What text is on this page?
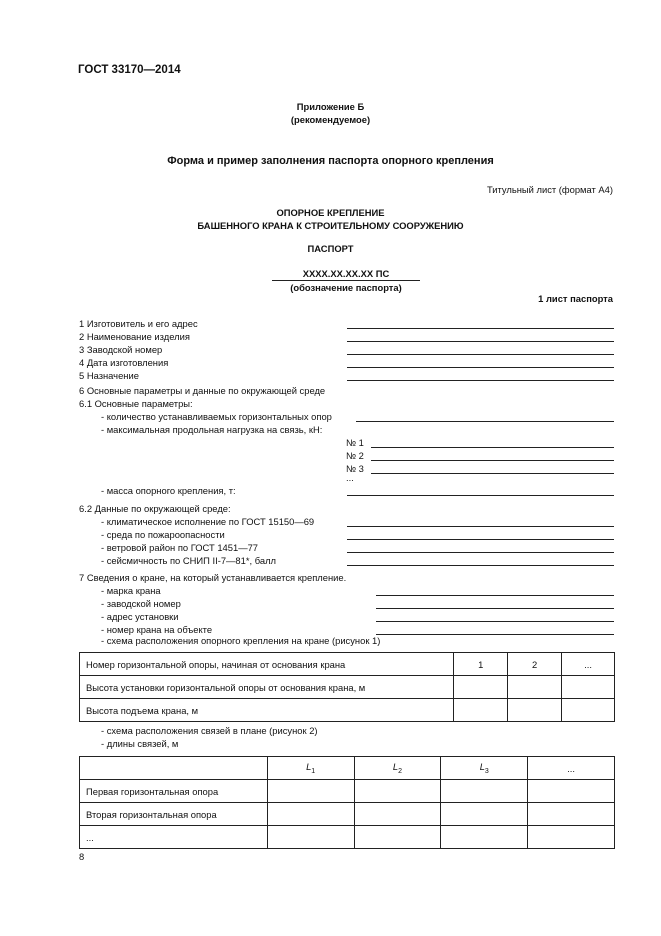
ГОСТ 33170—2014
Приложение Б
(рекомендуемое)
Форма и пример заполнения паспорта опорного крепления
Титульный лист (формат А4)
ОПОРНОЕ КРЕПЛЕНИЕ
БАШЕННОГО КРАНА К СТРОИТЕЛЬНОМУ СООРУЖЕНИЮ
ПАСПОРТ
XXXX.XX.XX.XX ПС
(обозначение паспорта)
1 лист паспорта
1 Изготовитель и его адрес
2 Наименование изделия
3 Заводской номер
4 Дата изготовления
5 Назначение
6 Основные параметры и данные по окружающей среде
6.1 Основные параметры:
- количество устанавливаемых горизонтальных опор
- максимальная продольная нагрузка на связь, кН:
№ 1
№ 2
№ 3
...
- масса опорного крепления, т:
6.2 Данные по окружающей среде:
- климатическое исполнение по ГОСТ 15150—69
- среда по пожароопасности
- ветровой район по ГОСТ 1451—77
- сейсмичность по СНИП II-7—81*, балл
7 Сведения о кране, на который устанавливается крепление.
- марка крана
- заводской номер
- адрес установки
- номер крана на объекте
- схема расположения опорного крепления на кране (рисунок 1)
Номер горизонтальной опоры, начиная от основания крана	1	2	...
Высота установки горизонтальной опоры от основания крана, м			
Высота подъема крана, м			
- схема расположения связей в плане (рисунок 2)
- длины связей, м
	$L_1$	$L_2$	$L_3$	...
Первая горизонтальная опора				
Вторая горизонтальная опора				
...				
8
